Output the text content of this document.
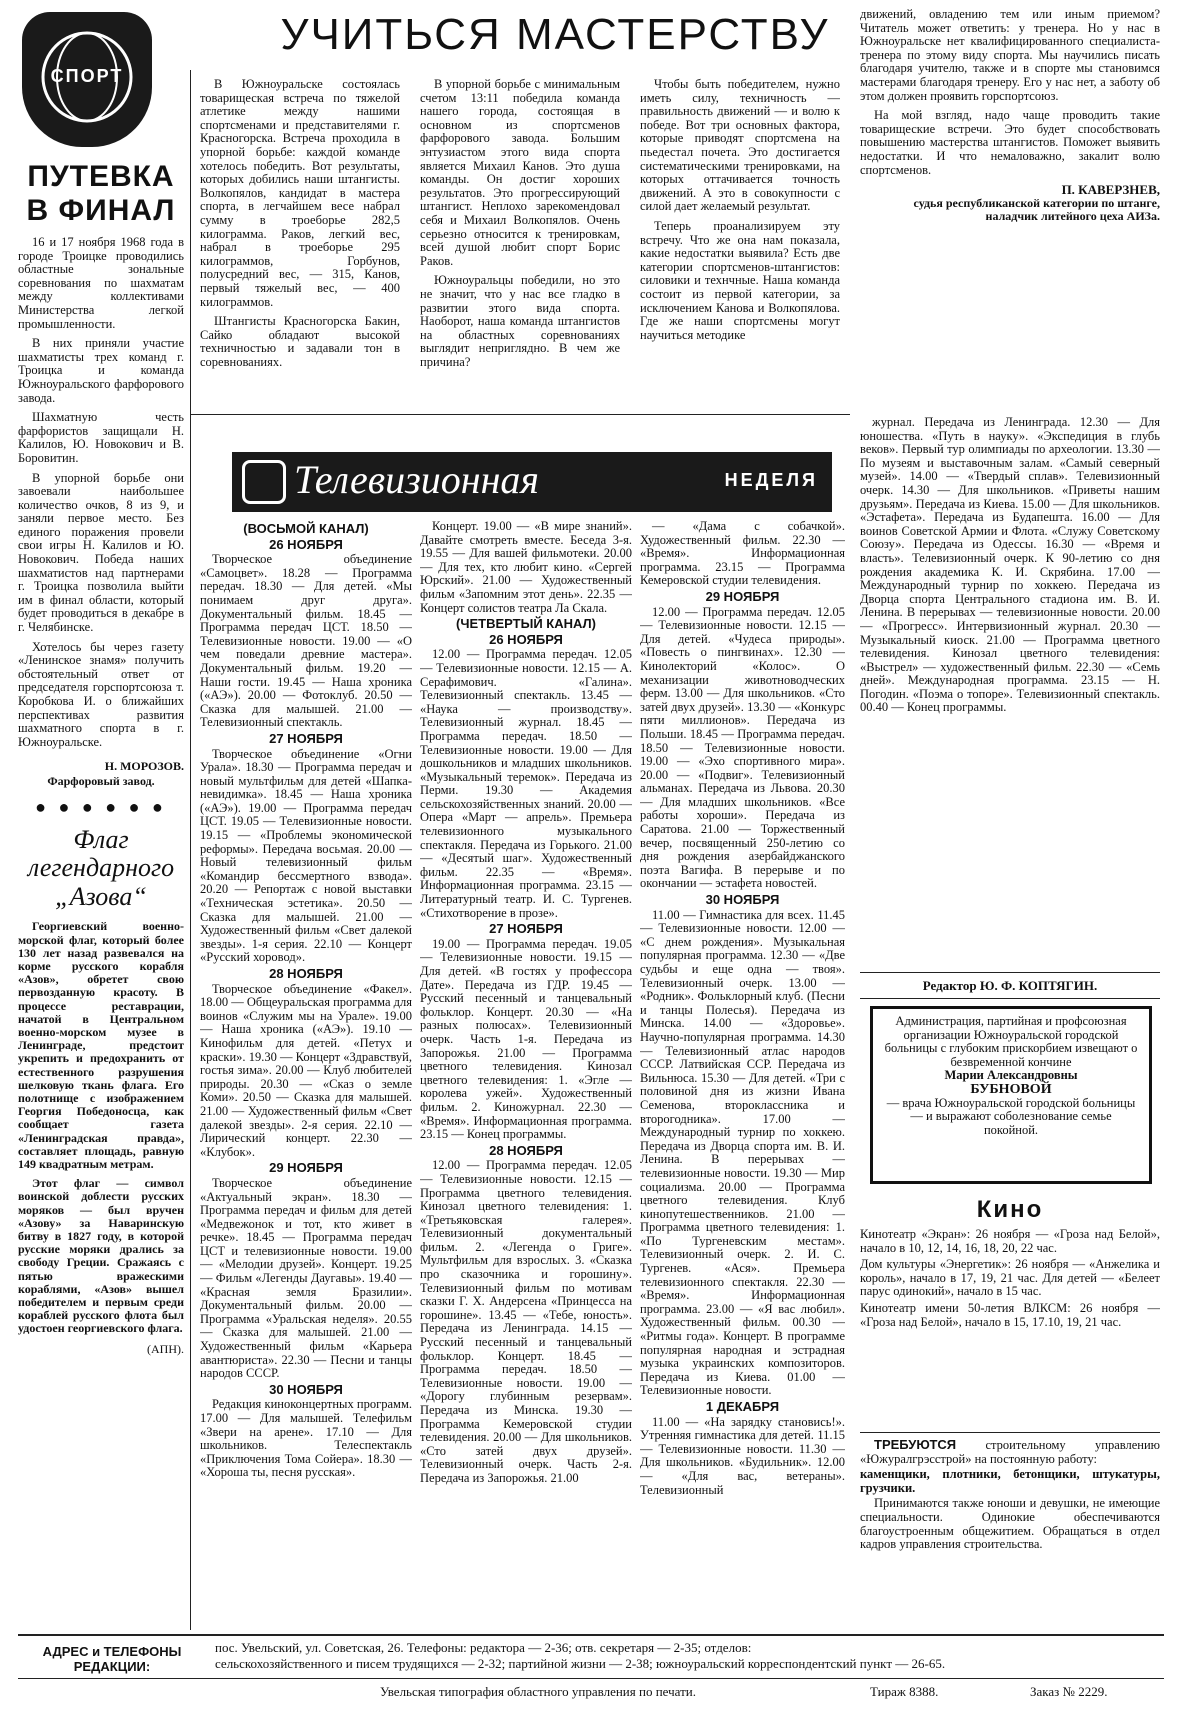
СПОРТ
УЧИТЬСЯ МАСТЕРСТВУ
ПУТЕВКА
В ФИНАЛ

16 и 17 ноября 1968 года в городе Троицке проводились областные зональные соревнования по шахматам между коллективами Министерства легкой промышленности.

В них приняли участие шахматисты трех команд г. Троицка и команда Южноуральского фарфорового завода.

Шахматную честь фарфористов защищали Н. Калилов, Ю. Новокович и В. Боровитин.

В упорной борьбе они завоевали наибольшее количество очков, 8 из 9, и заняли первое место. Без единого поражения провели свои игры Н. Калилов и Ю. Новокович. Победа наших шахматистов над партнерами г. Троицка позволила выйти им в финал области, который будет проводиться в декабре в г. Челябинске.

Хотелось бы через газету «Ленинское знамя» получить обстоятельный ответ от председателя горспортсоюза т. Коробкова И. о ближайших перспективах развития шахматного спорта в г. Южноуральске.

Н. МОРОЗОВ.
Фарфоровый завод.
● ● ● ● ● ●
Флаг
легендарного
„Азова“

Георгиевский военно-морской флаг, который более 130 лет назад развевался на корме русского корабля «Азов», обретет свою первозданную красоту. В процессе реставрации, начатой в Центральном военно-морском музее в Ленинграде, предстоит укрепить и предохранить от естественного разрушения шелковую ткань флага. Его полотнище с изображением Георгия Победоносца, как сообщает газета «Ленинградская правда», составляет площадь, равную 149 квадратным метрам.

Этот флаг — символ воинской доблести русских моряков — был вручен «Азову» за Наваринскую битву в 1827 году, в которой русские моряки дрались за свободу Греции. Сражаясь с пятью вражескими кораблями, «Азов» вышел победителем и первым среди кораблей русского флота был удостоен георгиевского флага.

(АПН).

В Южноуральске состоялась товарищеская встреча по тяжелой атлетике между нашими спортсменами и представителями г. Красногорска. Встреча проходила в упорной борьбе: каждой команде хотелось победить. Вот результаты, которых добились наши штангисты. Волкопялов, кандидат в мастера спорта, в легчайшем весе набрал сумму в троеборье 282,5 килограмма. Раков, легкий вес, набрал в троеборье 295 килограммов, Горбунов, полусредний вес, — 315, Канов, первый тяжелый вес, — 400 килограммов.

Штангисты Красногорска Бакин, Сайко обладают высокой техничностью и задавали тон в соревнованиях.

В упорной борьбе с минимальным счетом 13:11 победила команда нашего города, состоящая в основном из спортсменов фарфорового завода. Большим энтузиастом этого вида спорта является Михаил Канов. Это душа команды. Он достиг хороших результатов. Это прогрессирующий штангист. Неплохо зарекомендовал себя и Михаил Волкопялов. Очень серьезно относится к тренировкам, всей душой любит спорт Борис Раков.

Южноуральцы победили, но это не значит, что у нас все гладко в развитии этого вида спорта. Наоборот, наша команда штангистов на областных соревнованиях выглядит неприглядно. В чем же причина?

Чтобы быть победителем, нужно иметь силу, техничность — правильность движений — и волю к победе. Вот три основных фактора, которые приводят спортсмена на пьедестал почета. Это достигается систематическими тренировками, на которых оттачивается точность движений. А это в совокупности с силой дает желаемый результат.

Теперь проанализируем эту встречу. Что же она нам показала, какие недостатки выявила? Есть две категории спортсменов-штангистов: силовики и технчные. Наша команда состоит из первой категории, за исключением Канова и Волкопялова. Где же наши спортсмены могут научиться методике

движений, овладению тем или иным приемом? Читатель может ответить: у тренера. Но у нас в Южноуральске нет квалифицированного специалиста-тренера по этому виду спорта. Мы научились писать благодаря учителю, также и в спорте мы становимся мастерами благодаря тренеру. Его у нас нет, а заботу об этом должен проявить горспортсоюз.

На мой взгляд, надо чаще проводить такие товарищеские встречи. Это будет способствовать повышению мастерства штангистов. Поможет выявить недостатки. И что немаловажно, закалит волю спортсменов.

П. КАВЕРЗНЕВ,
судья республиканской категории по штанге, наладчик литейного цеха АИЗа.
Телевизионная	НЕДЕЛЯ
(ВОСЬМОЙ КАНАЛ)
26 НОЯБРЯ
Творческое объединение «Самоцвет». 18.28 — Программа передач. 18.30 — Для детей. «Мы понимаем друг друга». Документальный фильм. 18.45 — Программа передач ЦСТ. 18.50 — Телевизионные новости. 19.00 — «О чем поведали древние мастера». Документальный фильм. 19.20 — Наши гости. 19.45 — Наша хроника («АЭ»). 20.00 — Фотоклуб. 20.50 — Сказка для малышей. 21.00 — Телевизионный спектакль.
27 НОЯБРЯ
Творческое объединение «Огни Урала». 18.30 — Программа передач и новый мультфильм для детей «Шапка-невидимка». 18.45 — Наша хроника («АЭ»). 19.00 — Программа передач ЦСТ. 19.05 — Телевизионные новости. 19.15 — «Проблемы экономической реформы». Передача восьмая. 20.00 — Новый телевизионный фильм «Командир бессмертного взвода». 20.20 — Репортаж с новой выставки «Техническая эстетика». 20.50 — Сказка для малышей. 21.00 — Художественный фильм «Свет далекой звезды». 1-я серия. 22.10 — Концерт «Русский хоровод».
28 НОЯБРЯ
Творческое объединение «Факел». 18.00 — Общеуральская программа для воинов «Служим мы на Урале». 19.00 — Наша хроника («АЭ»). 19.10 — Кинофильм для детей. «Петух и краски». 19.30 — Концерт «Здравствуй, гостья зима». 20.00 — Клуб любителей природы. 20.30 — «Сказ о земле Коми». 20.50 — Сказка для малышей. 21.00 — Художественный фильм «Свет далекой звезды». 2-я серия. 22.10 — Лирический концерт. 22.30 — «Клубок».
29 НОЯБРЯ
Творческое объединение «Актуальный экран». 18.30 — Программа передач и фильм для детей «Медвежонок и тот, кто живет в речке». 18.45 — Программа передач ЦСТ и телевизионные новости. 19.00 — «Мелодии друзей». Концерт. 19.25 — Фильм «Легенды Даугавы». 19.40 — «Красная земля Бразилии». Документальный фильм. 20.00 — Программа «Уральская неделя». 20.55 — Сказка для малышей. 21.00 — Художественный фильм «Карьера авантюриста». 22.30 — Песни и танцы народов СССР.
30 НОЯБРЯ
Редакция киноконцертных программ. 17.00 — Для малышей. Телефильм «Звери на арене». 17.10 — Для школьников. Телеспектакль «Приключения Тома Сойера». 18.30 — «Хороша ты, песня русская».
Концерт. 19.00 — «В мире знаний». Давайте смотреть вместе. Беседа 3-я. 19.55 — Для вашей фильмотеки. 20.00 — Для тех, кто любит кино. «Сергей Юрский». 21.00 — Художественный фильм «Запомним этот день». 22.35 — Концерт солистов театра Ла Скала.
(ЧЕТВЕРТЫЙ КАНАЛ)
26 НОЯБРЯ
12.00 — Программа передач. 12.05 — Телевизионные новости. 12.15 — А. Серафимович. «Галина». Телевизионный спектакль. 13.45 — «Наука — производству». Телевизионный журнал. 18.45 — Программа передач. 18.50 — Телевизионные новости. 19.00 — Для дошкольников и младших школьников. «Музыкальный теремок». Передача из Перми. 19.30 — Академия сельскохозяйственных знаний. 20.00 — Опера «Март — апрель». Премьера телевизионного музыкального спектакля. Передача из Горького. 21.00 — «Десятый шаг». Художественный фильм. 22.35 — «Время». Информационная программа. 23.15 — Литературный театр. И. С. Тургенев. «Стихотворение в прозе».
27 НОЯБРЯ
19.00 — Программа передач. 19.05 — Телевизионные новости. 19.15 — Для детей. «В гостях у профессора Дате». Передача из ГДР. 19.45 — Русский песенный и танцевальный фольклор. Концерт. 20.30 — «На разных полюсах». Телевизионный очерк. Часть 1-я. Передача из Запорожья. 21.00 — Программа цветного телевидения. Кинозал цветного телевидения: 1. «Эгле — королева ужей». Художественный фильм. 2. Киножурнал. 22.30 — «Время». Информационная программа. 23.15 — Конец программы.
28 НОЯБРЯ
12.00 — Программа передач. 12.05 — Телевизионные новости. 12.15 — Программа цветного телевидения. Кинозал цветного телевидения: 1. «Третьяковская галерея». Телевизионный документальный фильм. 2. «Легенда о Григе». Мультфильм для взрослых. 3. «Сказка про сказочника и горошину». Телевизионный фильм по мотивам сказки Г. Х. Андерсена «Принцесса на горошине». 13.45 — «Тебе, юность». Передача из Ленинграда. 14.15 — Русский песенный и танцевальный фольклор. Концерт. 18.45 — Программа передач. 18.50 — Телевизионные новости. 19.00 — «Дорогу глубинным резервам». Передача из Минска. 19.30 — Программа Кемеровской студии телевидения. 20.00 — Для школьников. «Сто затей двух друзей». Телевизионный очерк. Часть 2-я. Передача из Запорожья. 21.00
— «Дама с собачкой». Художественный фильм. 22.30 — «Время». Информационная программа. 23.15 — Программа Кемеровской студии телевидения.
29 НОЯБРЯ
12.00 — Программа передач. 12.05 — Телевизионные новости. 12.15 — Для детей. «Чудеса природы». «Повесть о пингвинах». 12.30 — Кинолекторий «Колос». О механизации животноводческих ферм. 13.00 — Для школьников. «Сто затей двух друзей». 13.30 — «Конкурс пяти миллионов». Передача из Польши. 18.45 — Программа передач. 18.50 — Телевизионные новости. 19.00 — «Эхо спортивного мира». 20.00 — «Подвиг». Телевизионный альманах. Передача из Львова. 20.30 — Для младших школьников. «Все работы хороши». Передача из Саратова. 21.00 — Торжественный вечер, посвященный 250-летию со дня рождения азербайджанского поэта Вагифа. В перерыве и по окончании — эстафета новостей.
30 НОЯБРЯ
11.00 — Гимнастика для всех. 11.45 — Телевизионные новости. 12.00 — «С днем рождения». Музыкальная популярная программа. 12.30 — «Две судьбы и еще одна — твоя». Телевизионный очерк. 13.00 — «Родник». Фольклорный клуб. (Песни и танцы Полесья). Передача из Минска. 14.00 — «Здоровье». Научно-популярная программа. 14.30 — Телевизионный атлас народов СССР. Латвийская ССР. Передача из Вильнюса. 15.30 — Для детей. «Три с половиной дня из жизни Ивана Семенова, второклассника и второгодника». 17.00 — Международный турнир по хоккею. Передача из Дворца спорта им. В. И. Ленина. В перерывах — телевизионные новости. 19.30 — Мир социализма. 20.00 — Программа цветного телевидения. Клуб кинопутешественников. 21.00 — Программа цветного телевидения: 1. «По Тургеневским местам». Телевизионный очерк. 2. И. С. Тургенев. «Ася». Премьера телевизионного спектакля. 22.30 — «Время». Информационная программа. 23.00 — «Я вас любил». Художественный фильм. 00.30 — «Ритмы года». Концерт. В программе популярная народная и эстрадная музыка украинских композиторов. Передача из Киева. 01.00 — Телевизионные новости.
1 ДЕКАБРЯ
11.00 — «На зарядку становись!». Утренняя гимнастика для детей. 11.15 — Телевизионные новости. 11.30 — Для школьников. «Будильник». 12.00 — «Для вас, ветераны». Телевизионный
журнал. Передача из Ленинграда. 12.30 — Для юношества. «Путь в науку». «Экспедиция в глубь веков». Первый тур олимпиады по археологии. 13.30 — По музеям и выставочным залам. «Самый северный музей». 14.00 — «Твердый сплав». Телевизионный очерк. 14.30 — Для школьников. «Приветы нашим друзьям». Передача из Киева. 15.00 — Для школьников. «Эстафета». Передача из Будапешта. 16.00 — Для воинов Советской Армии и Флота. «Служу Советскому Союзу». Передача из Одессы. 16.30 — «Время и власть». Телевизионный очерк. К 90-летию со дня рождения академика К. И. Скрябина. 17.00 — Международный турнир по хоккею. Передача из Дворца спорта Центрального стадиона им. В. И. Ленина. В перерывах — телевизионные новости. 20.00 — «Прогресс». Интервизионный журнал. 20.30 — Музыкальный киоск. 21.00 — Программа цветного телевидения. Кинозал цветного телевидения: «Выстрел» — художественный фильм. 22.30 — «Семь дней». Международная программа. 23.15 — Н. Погодин. «Поэма о топоре». Телевизионный спектакль. 00.40 — Конец программы.
Редактор Ю. Ф. КОПТЯГИН.
Администрация, партийная и профсоюзная организации Южноуральской городской больницы с глубоким прискорбием извещают о безвременной кончине
Марии Александровны
БУБНОВОЙ
— врача Южноуральской городской больницы — и выражают соболезнование семье покойной.
Кино

Кинотеатр «Экран»: 26 ноября — «Гроза над Белой», начало в 10, 12, 14, 16, 18, 20, 22 час.

Дом культуры «Энергетик»: 26 ноября — «Анжелика и король», начало в 17, 19, 21 час. Для детей — «Белеет парус одинокий», начало в 15 час.

Кинотеатр имени 50-летия ВЛКСМ: 26 ноября — «Гроза над Белой», начало в 15, 17.10, 19, 21 час.

ТРЕБУЮТСЯ строительному управлению «Южуралгрэсстрой» на постоянную работу:

каменщики, плотники, бетонщики, штукатуры, грузчики.

Принимаются также юноши и девушки, не имеющие специальности. Одинокие обеспечиваются благоустроенным общежитием. Обращаться в отдел кадров управления строительства.

АДРЕС и ТЕЛЕФОНЫ РЕДАКЦИИ:
пос. Увельский, ул. Советская, 26. Телефоны: редактора — 2-36; отв. секретаря — 2-35; отделов:
сельскохозяйственного и писем трудящихся — 2-32; партийной жизни — 2-38; южноуральский корреспондентский пункт — 26-65.
Увельская типография областного управления по печати.	Тираж 8388.	Заказ № 2229.
